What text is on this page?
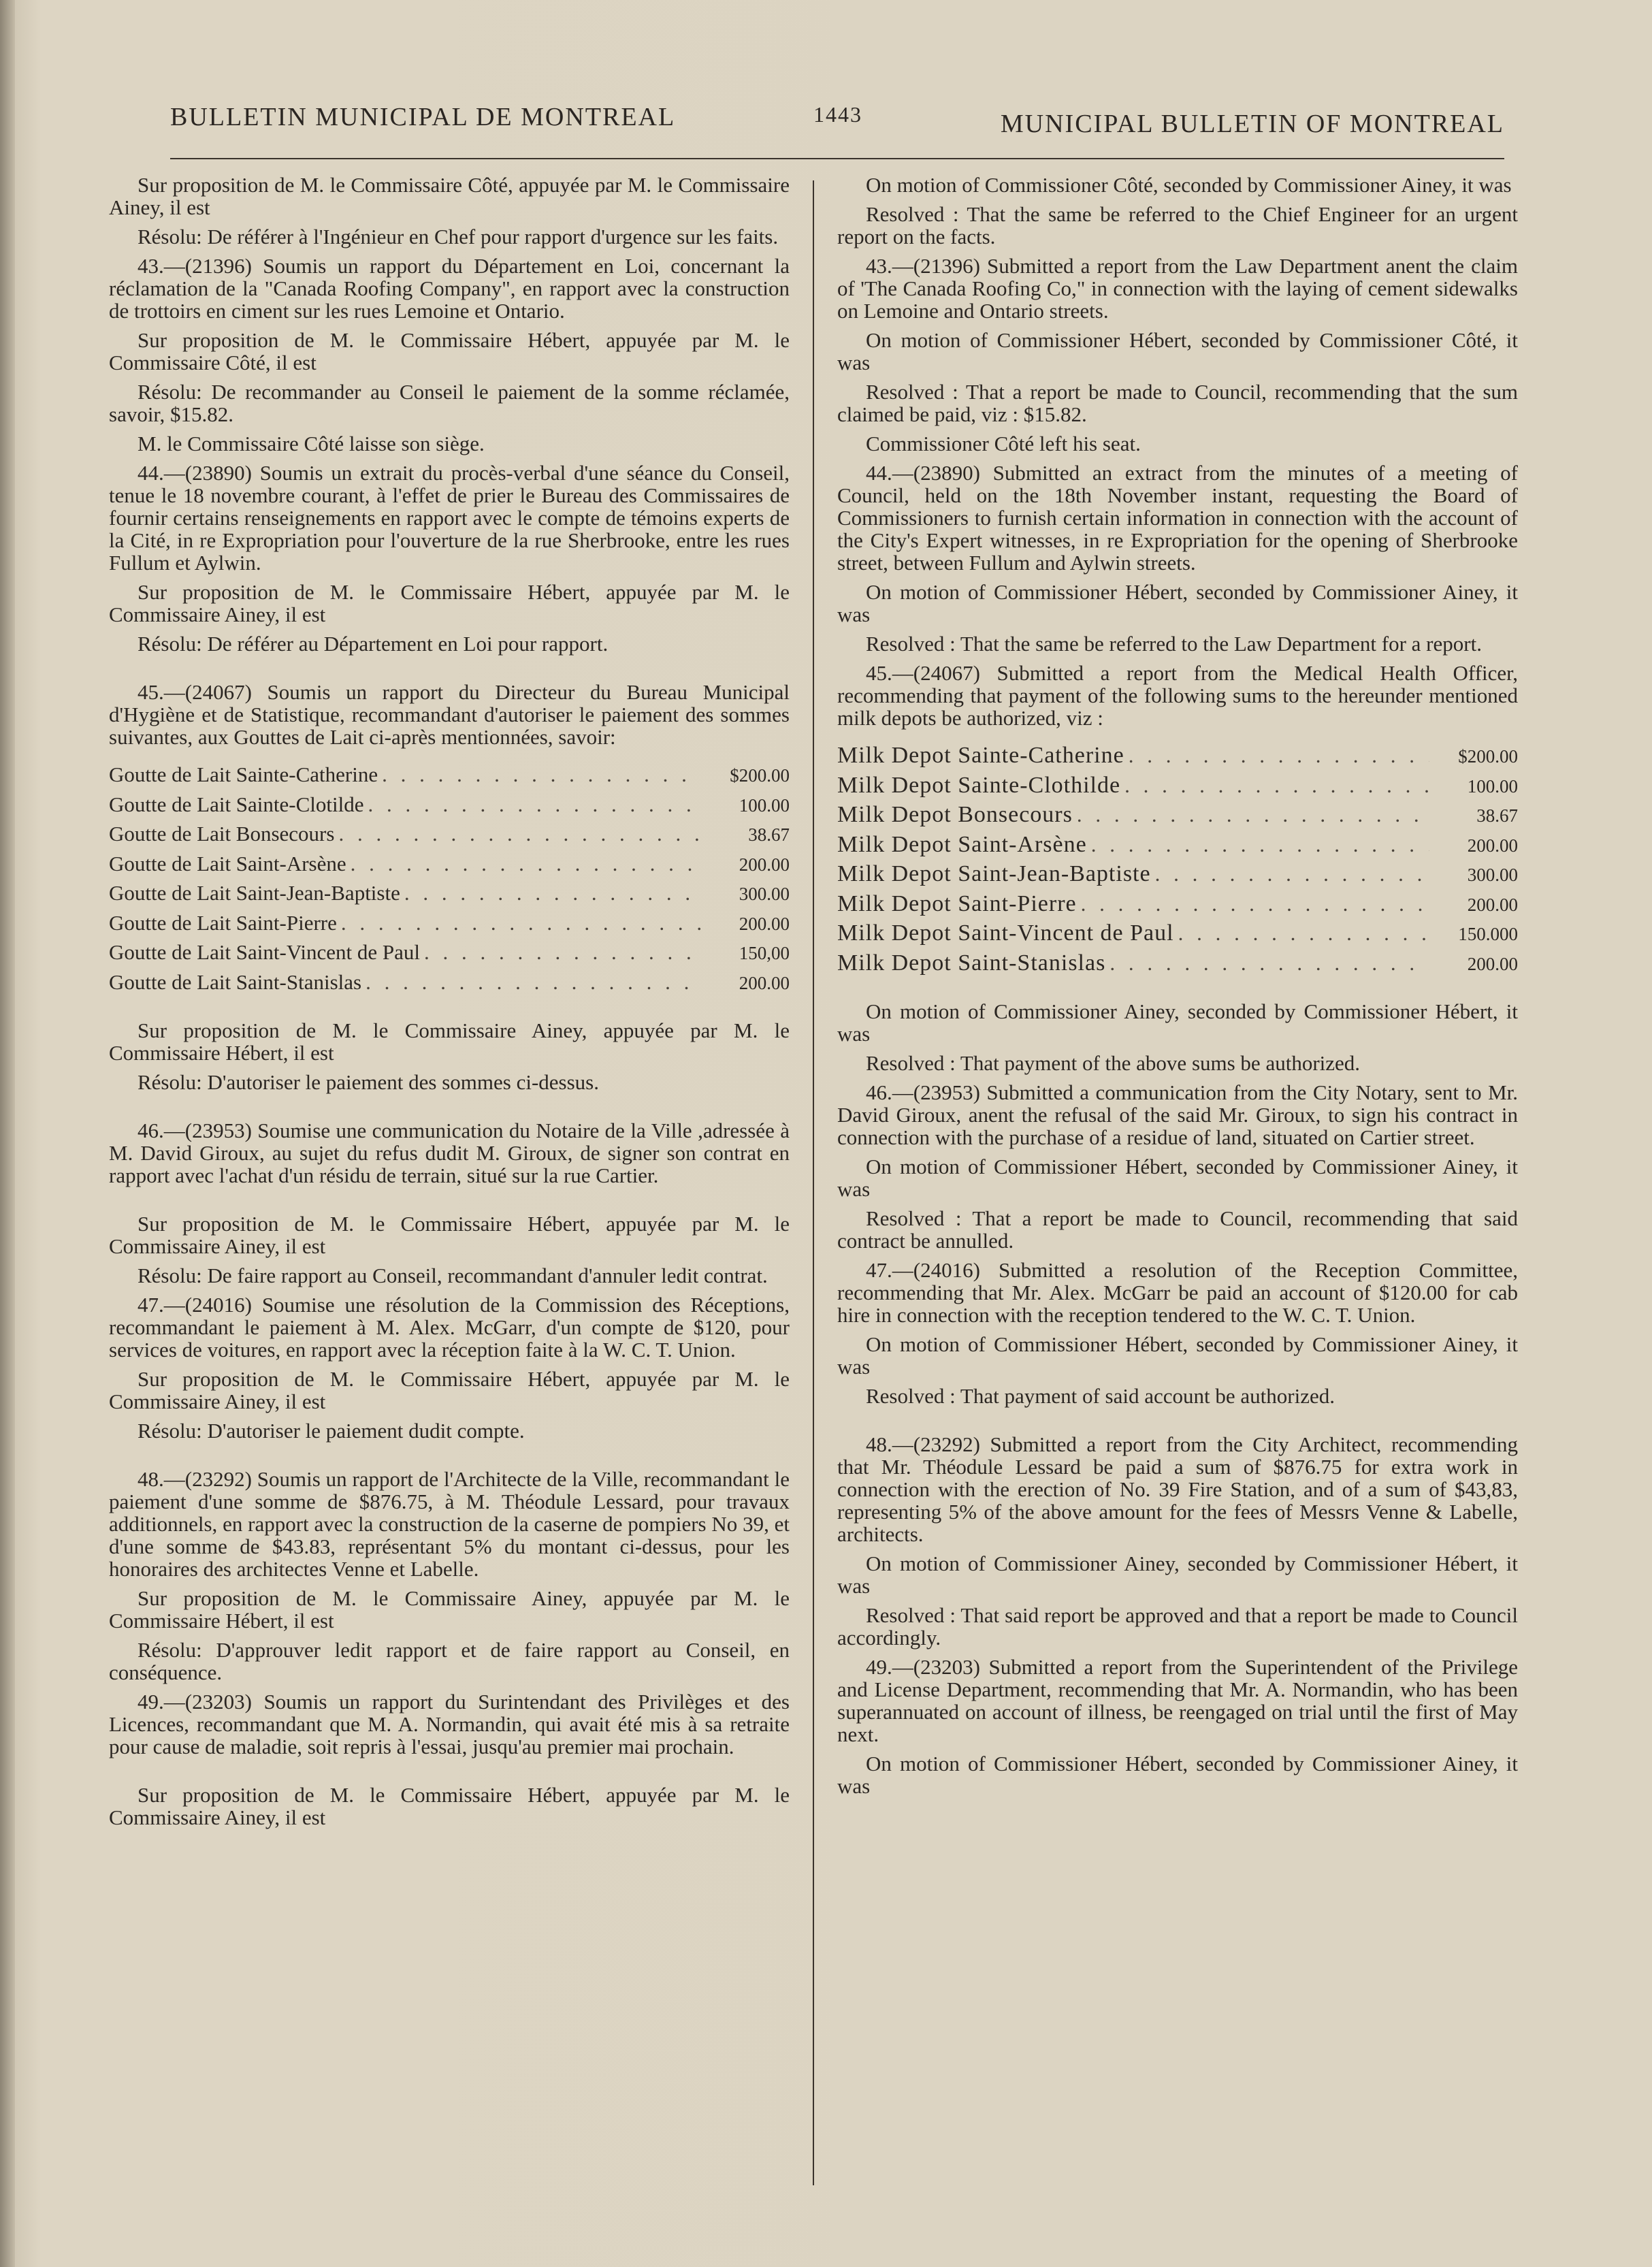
BULLETIN MUNICIPAL DE MONTREAL	1443	MUNICIPAL BULLETIN OF MONTREAL

Sur proposition de M. le Commissaire Côté, appuyée par M. le Commissaire Ainey, il est

Résolu: De référer à l'Ingénieur en Chef pour rapport d'urgence sur les faits.

43.—(21396) Soumis un rapport du Département en Loi, concernant la réclamation de la "Canada Roofing Company", en rapport avec la construction de trottoirs en ciment sur les rues Lemoine et Ontario.

Sur proposition de M. le Commissaire Hébert, appuyée par M. le Commissaire Côté, il est

Résolu: De recommander au Conseil le paiement de la somme réclamée, savoir, $15.82.

M. le Commissaire Côté laisse son siège.

44.—(23890) Soumis un extrait du procès-verbal d'une séance du Conseil, tenue le 18 novembre courant, à l'effet de prier le Bureau des Commissaires de fournir certains renseignements en rapport avec le compte de témoins experts de la Cité, in re Expropriation pour l'ouverture de la rue Sherbrooke, entre les rues Fullum et Aylwin.

Sur proposition de M. le Commissaire Hébert, appuyée par M. le Commissaire Ainey, il est

Résolu: De référer au Département en Loi pour rapport.

45.—(24067) Soumis un rapport du Directeur du Bureau Municipal d'Hygiène et de Statistique, recommandant d'autoriser le paiement des sommes suivantes, aux Gouttes de Lait ci-après mentionnées, savoir:

Goutte de Lait Sainte-Catherine . . .	$200.00
Goutte de Lait Sainte-Clotilde . . .	100.00
Goutte de Lait Bonsecours . . .	38.67
Goutte de Lait Saint-Arsène . . .	200.00
Goutte de Lait Saint-Jean-Baptiste . . .	300.00
Goutte de Lait Saint-Pierre . . .	200.00
Goutte de Lait Saint-Vincent de Paul . . .	150,00
Goutte de Lait Saint-Stanislas . . .	200.00

Sur proposition de M. le Commissaire Ainey, appuyée par M. le Commissaire Hébert, il est

Résolu: D'autoriser le paiement des sommes ci-dessus.

46.—(23953) Soumise une communication du Notaire de la Ville ,adressée à M. David Giroux, au sujet du refus dudit M. Giroux, de signer son contrat en rapport avec l'achat d'un résidu de terrain, situé sur la rue Cartier.

Sur proposition de M. le Commissaire Hébert, appuyée par M. le Commissaire Ainey, il est

Résolu: De faire rapport au Conseil, recommandant d'annuler ledit contrat.

47.—(24016) Soumise une résolution de la Commission des Réceptions, recommandant le paiement à M. Alex. McGarr, d'un compte de $120, pour services de voitures, en rapport avec la réception faite à la W. C. T. Union.

Sur proposition de M. le Commissaire Hébert, appuyée par M. le Commissaire Ainey, il est

Résolu: D'autoriser le paiement dudit compte.

48.—(23292) Soumis un rapport de l'Architecte de la Ville, recommandant le paiement d'une somme de $876.75, à M. Théodule Lessard, pour travaux additionnels, en rapport avec la construction de la caserne de pompiers No 39, et d'une somme de $43.83, représentant 5% du montant ci-dessus, pour les honoraires des architectes Venne et Labelle.

Sur proposition de M. le Commissaire Ainey, appuyée par M. le Commissaire Hébert, il est

Résolu: D'approuver ledit rapport et de faire rapport au Conseil, en conséquence.

49.—(23203) Soumis un rapport du Surintendant des Privilèges et des Licences, recommandant que M. A. Normandin, qui avait été mis à sa retraite pour cause de maladie, soit repris à l'essai, jusqu'au premier mai prochain.

Sur proposition de M. le Commissaire Hébert, appuyée par M. le Commissaire Ainey, il est

On motion of Commissioner Côté, seconded by Commissioner Ainey, it was

Resolved : That the same be referred to the Chief Engineer for an urgent report on the facts.

43.—(21396) Submitted a report from the Law Department anent the claim of 'The Canada Roofing Co," in connection with the laying of cement sidewalks on Lemoine and Ontario streets.

On motion of Commissioner Hébert, seconded by Commissioner Côté, it was

Resolved : That a report be made to Council, recommending that the sum claimed be paid, viz : $15.82.

Commissioner Côté left his seat.

44.—(23890) Submitted an extract from the minutes of a meeting of Council, held on the 18th November instant, requesting the Board of Commissioners to furnish certain information in connection with the account of the City's Expert witnesses, in re Expropriation for the opening of Sherbrooke street, between Fullum and Aylwin streets.

On motion of Commissioner Hébert, seconded by Commissioner Ainey, it was

Resolved : That the same be referred to the Law Department for a report.

45.—(24067) Submitted a report from the Medical Health Officer, recommending that payment of the following sums to the hereunder mentioned milk depots be authorized, viz :

Milk Depot Sainte-Catherine . . .	$200.00
Milk Depot Sainte-Clothilde . . .	100.00
Milk Depot Bonsecours . . .	38.67
Milk Depot Saint-Arsène . . .	200.00
Milk Depot Saint-Jean-Baptiste . . .	300.00
Milk Depot Saint-Pierre . . .	200.00
Milk Depot Saint-Vincent de Paul . . .	150.000
Milk Depot Saint-Stanislas . . .	200.00

On motion of Commissioner Ainey, seconded by Commissioner Hébert, it was

Resolved : That payment of the above sums be authorized.

46.—(23953) Submitted a communication from the City Notary, sent to Mr. David Giroux, anent the refusal of the said Mr. Giroux, to sign his contract in connection with the purchase of a residue of land, situated on Cartier street.

On motion of Commissioner Hébert, seconded by Commissioner Ainey, it was

Resolved : That a report be made to Council, recommending that said contract be annulled.

47.—(24016) Submitted a resolution of the Reception Committee, recommending that Mr. Alex. McGarr be paid an account of $120.00 for cab hire in connection with the reception tendered to the W. C. T. Union.

On motion of Commissioner Hébert, seconded by Commissioner Ainey, it was

Resolved : That payment of said account be authorized.

48.—(23292) Submitted a report from the City Architect, recommending that Mr. Théodule Lessard be paid a sum of $876.75 for extra work in connection with the erection of No. 39 Fire Station, and of a sum of $43,83, representing 5% of the above amount for the fees of Messrs Venne & Labelle, architects.

On motion of Commissioner Ainey, seconded by Commissioner Hébert, it was

Resolved : That said report be approved and that a report be made to Council accordingly.

49.—(23203) Submitted a report from the Superintendent of the Privilege and License Department, recommending that Mr. A. Normandin, who has been superannuated on account of illness, be reengaged on trial until the first of May next.

On motion of Commissioner Hébert, seconded by Commissioner Ainey, it was
